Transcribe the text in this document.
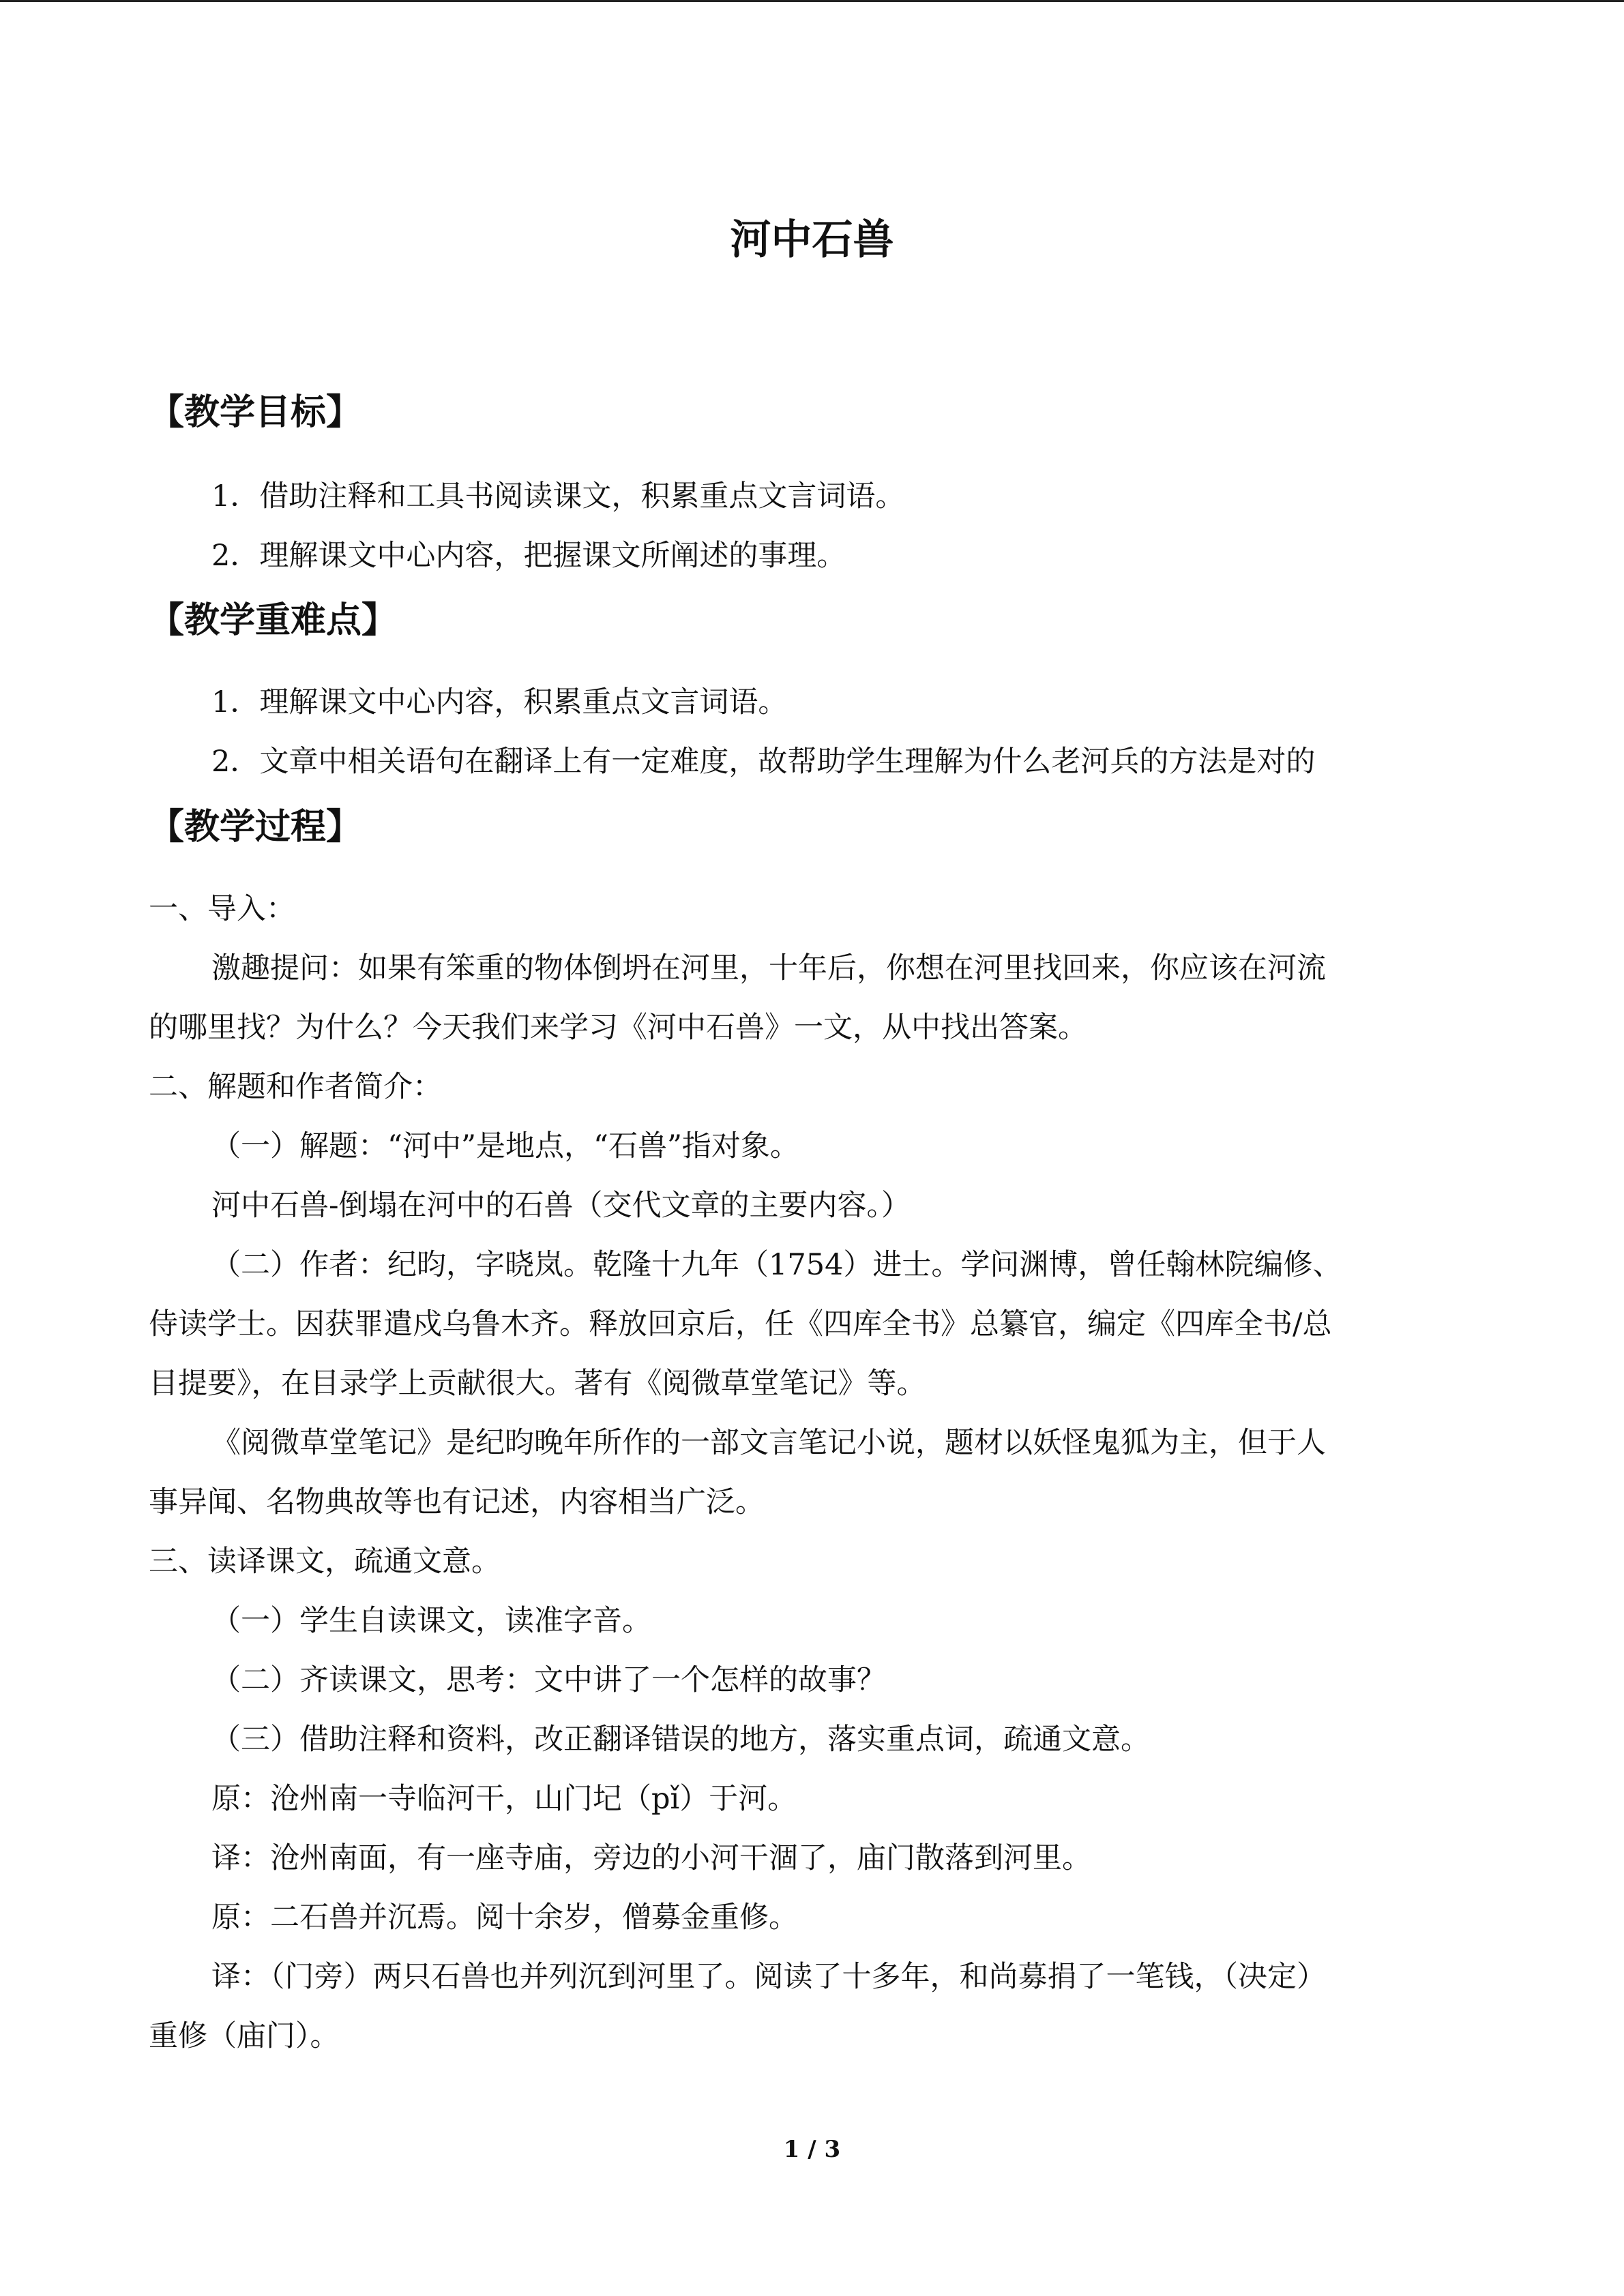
河中石兽
【教学目标】
1．借助注释和工具书阅读课文，积累重点文言词语。
2．理解课文中心内容，把握课文所阐述的事理。
【教学重难点】
1．理解课文中心内容，积累重点文言词语。
2．文章中相关语句在翻译上有一定难度，故帮助学生理解为什么老河兵的方法是对的
【教学过程】
一、导入：
激趣提问：如果有笨重的物体倒坍在河里，十年后，你想在河里找回来，你应该在河流
的哪里找？为什么？今天我们来学习《河中石兽》一文，从中找出答案。
二、解题和作者简介：
（一）解题：“河中”是地点，“石兽”指对象。
河中石兽-倒塌在河中的石兽（交代文章的主要内容。）
（二）作者：纪昀，字晓岚。乾隆十九年（1754）进士。学问渊博，曾任翰林院编修、
侍读学士。因获罪遣戍乌鲁木齐。释放回京后，任《四库全书》总纂官，编定《四库全书/总
目提要》，在目录学上贡献很大。著有《阅微草堂笔记》等。
《阅微草堂笔记》是纪昀晚年所作的一部文言笔记小说，题材以妖怪鬼狐为主，但于人
事异闻、名物典故等也有记述，内容相当广泛。
三、读译课文，疏通文意。
（一）学生自读课文，读准字音。
（二）齐读课文，思考：文中讲了一个怎样的故事？
（三）借助注释和资料，改正翻译错误的地方，落实重点词，疏通文意。
原：沧州南一寺临河干，山门圮（pǐ）于河。
译：沧州南面，有一座寺庙，旁边的小河干涸了，庙门散落到河里。
原：二石兽并沉焉。阅十余岁，僧募金重修。
译：（门旁）两只石兽也并列沉到河里了。阅读了十多年，和尚募捐了一笔钱，（决定）
重修（庙门）。
1 / 3
